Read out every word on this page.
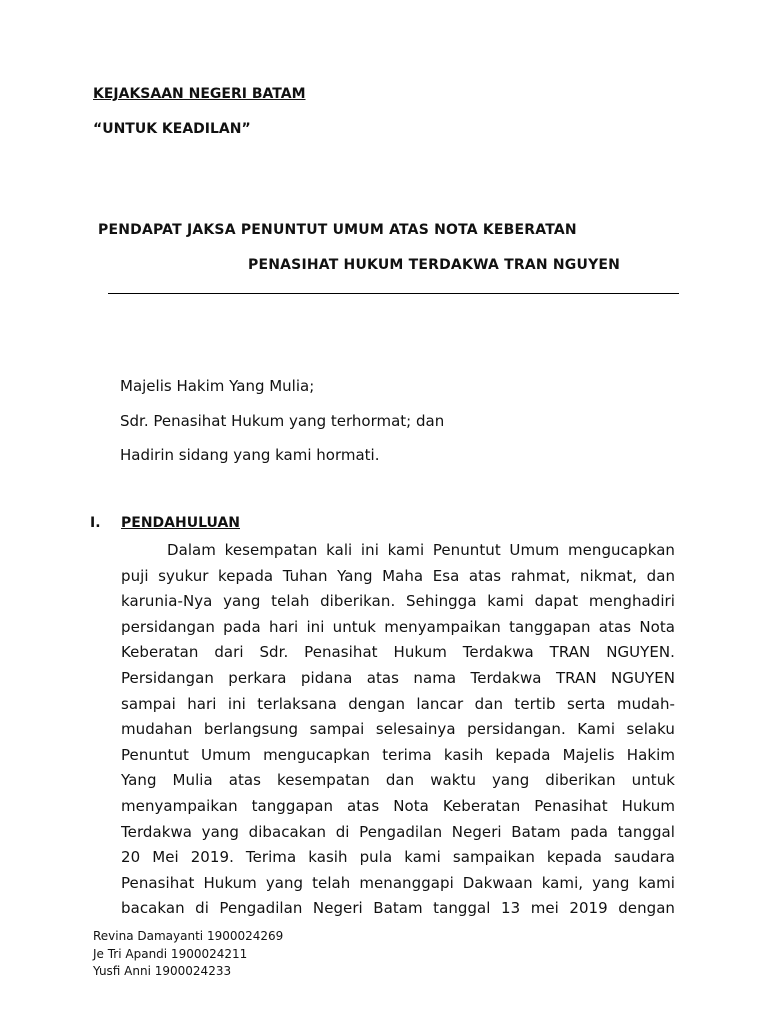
KEJAKSAAN NEGERI BATAM
“UNTUK KEADILAN”
PENDAPAT JAKSA PENUNTUT UMUM ATAS NOTA KEBERATAN
PENASIHAT HUKUM TERDAKWA TRAN NGUYEN
Majelis Hakim Yang Mulia;
Sdr. Penasihat Hukum yang terhormat; dan
Hadirin sidang yang kami hormati.
I. PENDAHULUAN
Dalam kesempatan kali ini kami Penuntut Umum mengucapkan
puji syukur kepada Tuhan Yang Maha Esa atas rahmat, nikmat, dan
karunia-Nya yang telah diberikan. Sehingga kami dapat menghadiri
persidangan pada hari ini untuk menyampaikan tanggapan atas Nota
Keberatan dari Sdr. Penasihat Hukum Terdakwa TRAN NGUYEN.
Persidangan perkara pidana atas nama Terdakwa TRAN NGUYEN
sampai hari ini terlaksana dengan lancar dan tertib serta mudah-
mudahan berlangsung sampai selesainya persidangan. Kami selaku
Penuntut Umum mengucapkan terima kasih kepada Majelis Hakim
Yang Mulia atas kesempatan dan waktu yang diberikan untuk
menyampaikan tanggapan atas Nota Keberatan Penasihat Hukum
Terdakwa yang dibacakan di Pengadilan Negeri Batam pada tanggal
20 Mei 2019. Terima kasih pula kami sampaikan kepada saudara
Penasihat Hukum yang telah menanggapi Dakwaan kami, yang kami
bacakan di Pengadilan Negeri Batam tanggal 13 mei 2019 dengan
Revina Damayanti 1900024269
Je Tri Apandi 1900024211
Yusfi Anni 1900024233
